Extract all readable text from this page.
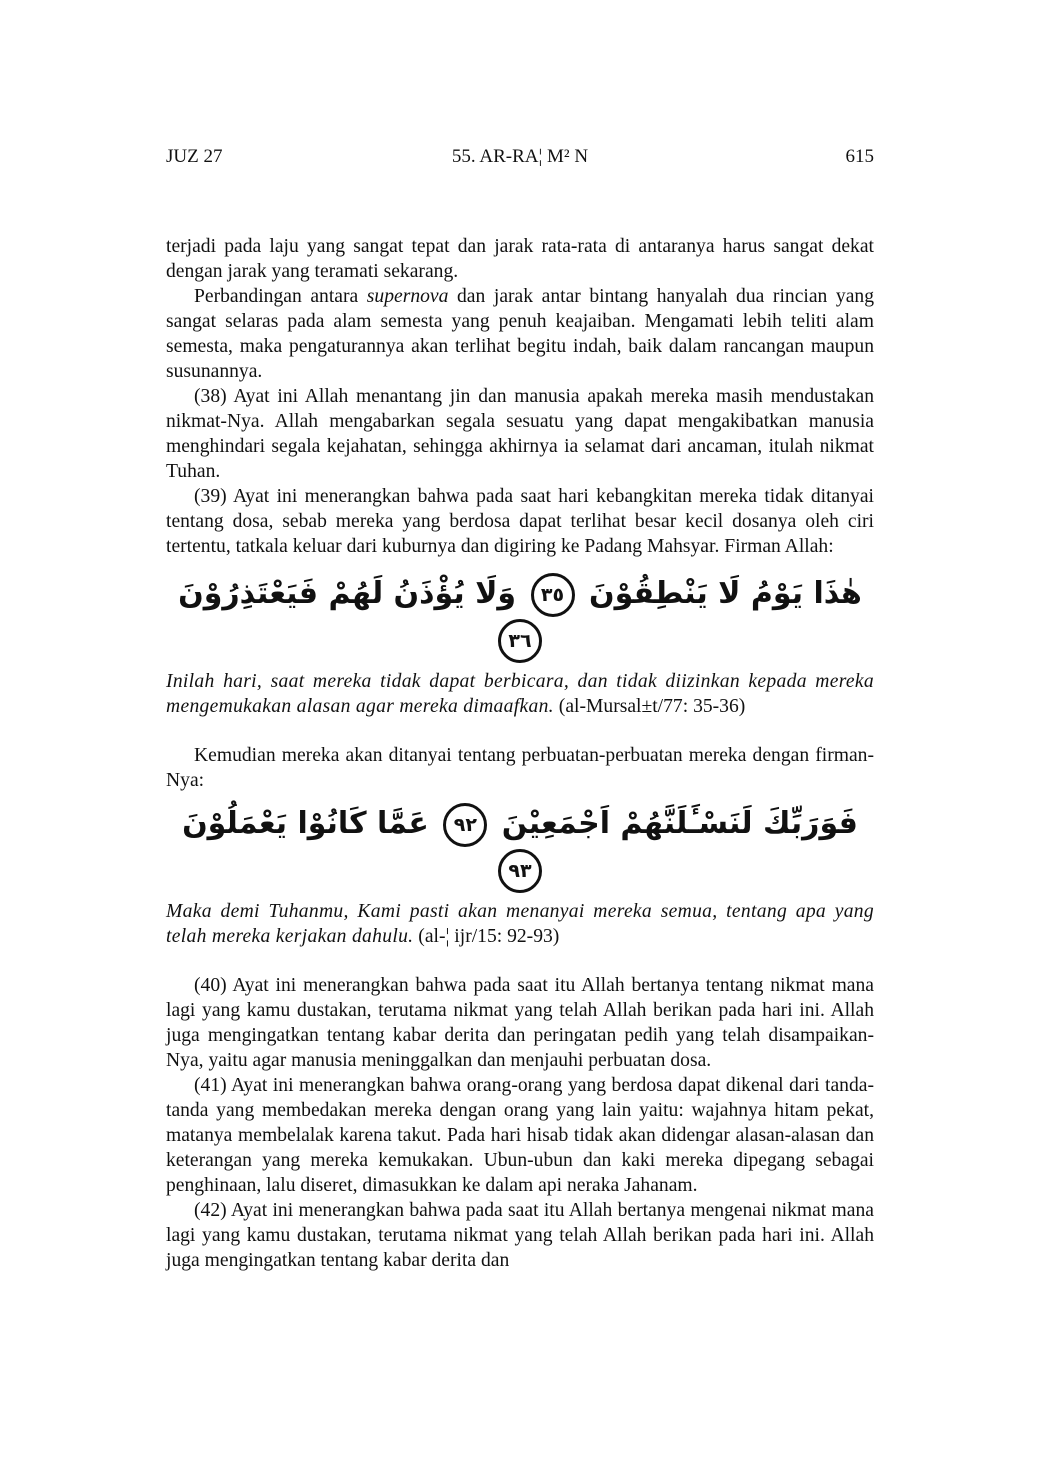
JUZ 27	55. AR-RA¦ M² N	615

terjadi pada laju yang sangat tepat dan jarak rata-rata di antaranya harus sangat dekat dengan jarak yang teramati sekarang.

Perbandingan antara supernova dan jarak antar bintang hanyalah dua rincian yang sangat selaras pada alam semesta yang penuh keajaiban. Mengamati lebih teliti alam semesta, maka pengaturannya akan terlihat begitu indah, baik dalam rancangan maupun susunannya.

(38) Ayat ini Allah menantang jin dan manusia apakah mereka masih mendustakan nikmat-Nya. Allah mengabarkan segala sesuatu yang dapat mengakibatkan manusia menghindari segala kejahatan, sehingga akhirnya ia selamat dari ancaman, itulah nikmat Tuhan.

(39) Ayat ini menerangkan bahwa pada saat hari kebangkitan mereka tidak ditanyai tentang dosa, sebab mereka yang berdosa dapat terlihat besar kecil dosanya oleh ciri tertentu, tatkala keluar dari kuburnya dan digiring ke Padang Mahsyar. Firman Allah:

هٰذَا يَوْمُ لَا يَنْطِقُوْنَ ٣٥ وَلَا يُؤْذَنُ لَهُمْ فَيَعْتَذِرُوْنَ ٣٦

Inilah hari, saat mereka tidak dapat berbicara, dan tidak diizinkan kepada mereka mengemukakan alasan agar mereka dimaafkan. (al-Mursal±t/77: 35-36)

Kemudian mereka akan ditanyai tentang perbuatan-perbuatan mereka dengan firman-Nya:

فَوَرَبِّكَ لَنَسْـَٔلَنَّهُمْ اَجْمَعِيْنَ ٩٢ عَمَّا كَانُوْا يَعْمَلُوْنَ ٩٣

Maka demi Tuhanmu, Kami pasti akan menanyai mereka semua, tentang apa yang telah mereka kerjakan dahulu. (al-¦ ijr/15: 92-93)

(40) Ayat ini menerangkan bahwa pada saat itu Allah bertanya tentang nikmat mana lagi yang kamu dustakan, terutama nikmat yang telah Allah berikan pada hari ini. Allah juga mengingatkan tentang kabar derita dan peringatan pedih yang telah disampaikan-Nya, yaitu agar manusia meninggalkan dan menjauhi perbuatan dosa.

(41) Ayat ini menerangkan bahwa orang-orang yang berdosa dapat dikenal dari tanda-tanda yang membedakan mereka dengan orang yang lain yaitu: wajahnya hitam pekat, matanya membelalak karena takut. Pada hari hisab tidak akan didengar alasan-alasan dan keterangan yang mereka kemukakan. Ubun-ubun dan kaki mereka dipegang sebagai penghinaan, lalu diseret, dimasukkan ke dalam api neraka Jahanam.

(42) Ayat ini menerangkan bahwa pada saat itu Allah bertanya mengenai nikmat mana lagi yang kamu dustakan, terutama nikmat yang telah Allah berikan pada hari ini. Allah juga mengingatkan tentang kabar derita dan
